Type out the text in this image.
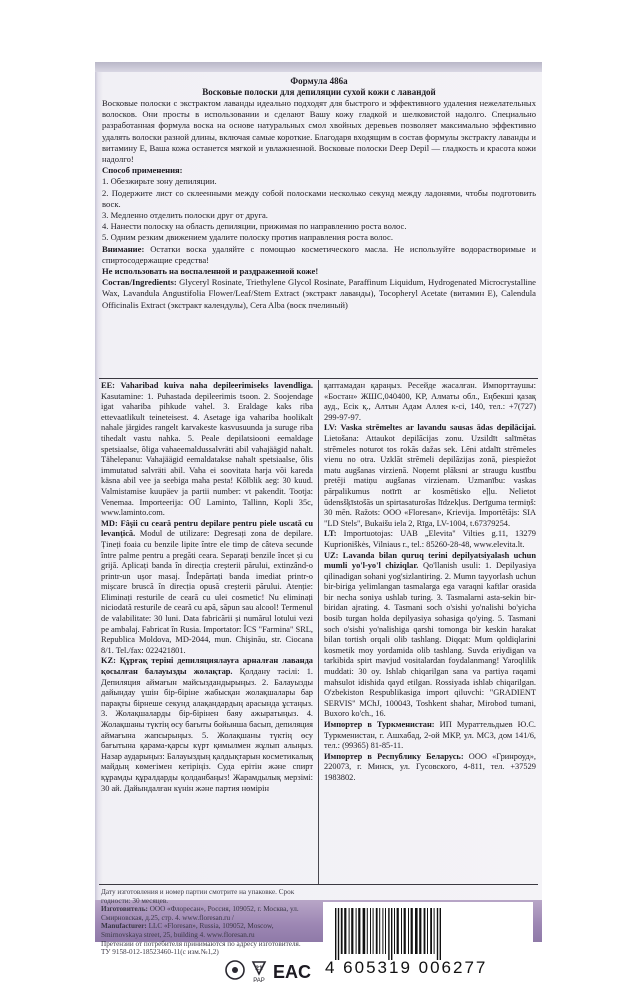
Формула 486а
Восковые полоски для депиляции сухой кожи с лавандой

Восковые полоски с экстрактом лаванды идеально подходят для быстрого и эффективного удаления нежелательных волосков. Они просты в использовании и сделают Вашу кожу гладкой и шелковистой надолго. Специально разработанная формула воска на основе натуральных смол хвойных деревьев позволяет максимально эффективно удалять волоски разной длины, включая самые короткие. Благодаря входящим в состав формулы экстракту лаванды и витамину Е, Ваша кожа останется мягкой и увлажненной. Восковые полоски Deep Depil — гладкость и красота кожи надолго!

Способ применения:

1. Обезжирьте зону депиляции.

2. Подержите лист со склеенными между собой полосками несколько секунд между ладонями, чтобы подготовить воск.

3. Медленно отделить полоски друг от друга.

4. Нанести полоску на область депиляции, прижимая по направлению роста волос.

5. Одним резким движением удалите полоску против направления роста волос.

Внимание: Остатки воска удаляйте с помощью косметического масла. Не используйте водорастворимые и спиртосодержащие средства!

Не использовать на воспаленной и раздраженной коже!

Состав/Ingredients: Glyceryl Rosinate, Triethylene Glycol Rosinate, Paraffinum Liquidum, Hydrogenated Microcrystalline Wax, Lavandula Angustifolia Flower/Leaf/Stem Extract (экстракт лаванды), Tocopheryl Acetate (витамин Е), Calendula Officinalis Extract (экстракт календулы), Cera Alba (воск пчелиный)

EE: Vaharibad kuiva naha depileerimiseks lavendliga. Kasutamine: 1. Puhastada depileerimis tsoon. 2. Soojendage igat vahariba pihkude vahel. 3. Eraldage kaks riba ettevaatlikult teineteisest. 4. Asetage iga vahariba hoolikalt nahale järgides rangelt karvakeste kasvusuunda ja suruge riba tihedalt vastu nahka. 5. Peale depilatsiooni eemaldage spetsiaalse, õliga vahaeemaldussalvräti abil vahajäägid nahalt. Tähelepanu: Vahajäägid eemaldatakse nahalt spetsiaalse, õlis immutatud salvräti abil. Vaha ei soovitata harja või kareda käsna abil vee ja seebiga maha pesta! Kõlblik aeg: 30 kuud. Valmistamise kuupäev ja partii number: vt pakendit. Tootja: Venemaa. Importeerija: OÜ Laminto, Tallinn, Kopli 35c, www.laminto.com.

MD: Fâşii cu ceară pentru depilare pentru piele uscată cu levanțică. Modul de utilizare: Degresați zona de depilare. Țineți foaia cu benzile lipite între ele timp de câteva secunde între palme pentru a pregăti ceara. Separați benzile încet și cu grijă. Aplicați banda în direcția creșterii părului, extinzând-o printr-un ușor masaj. Îndepărtați banda imediat printr-o mișcare bruscă în direcția opusă creșterii părului. Atenție: Eliminați resturile de ceară cu ulei cosmetic! Nu eliminați niciodată resturile de ceară cu apă, săpun sau alcool! Termenul de valabilitate: 30 luni. Data fabricării și numărul lotului vezi pe ambalaj. Fabricat în Rusia. Importator: ÎCS "Farmina" SRL, Republica Moldova, MD-2044, mun. Chişinău, str. Ciocana 8/1. Tel./fax: 022421801.

KZ: Құрғақ терiнi депиляциялауға арналған лаванда қосылған балауызды жолақтар. Қолдану тәсiлi: 1. Депиляция аймағын майсыздандырыңыз. 2. Балауызды дайындау үшiн бiр-бiрiне жабысқан жолақшалары бар парақты бiрнеше секунд алақандардың арасында ұстаңыз. 3. Жолақшаларды бiр-бiрiнен баяу ажыратыңыз. 4. Жолақшаны түктiң өсу бағыты бойынша басып, депиляция аймағына жапсырыңыз. 5. Жолақшаны түктiң өсу бағытына қарама-қарсы күрт қимылмен жұлып алыңыз. Назар аударыңыз: Балауыздың қалдықтарын косметикалық майдың көмегiмен кетiрiңiз. Суда ерiтiн және спирт құрамды құралдарды қолданбаңыз! Жарамдылық мерзiмi: 30 ай. Дайындалған күнiн және партия нөмiрiн

қаптамадан қараңыз. Ресейде жасалған. Импорттаушы: «Бостан» ЖШС,040400, KP, Алматы обл., Еңбекшi қазақ ауд., Есiк қ., Алтын Адам Аллея к-сi, 140, тел.: +7(727) 299-97-97.

LV: Vaska strēmeltes ar lavandu sausas ādas depilācijai. Lietošana: Attaukot depilācijas zonu. Uzsildīt salīmētas strēmeles noturot tos rokās dažas sek. Lēni atdalīt strēmeles vienu no otra. Uzklāt strēmeli depilāzijas zonā, piespiežot matu augšanas virzienā. Noņemt plāksni ar straugu kustību pretēji matiņu augšanas virzienam. Uzmanību: vaskas pārpalikumus notīrīt ar kosmētisko eļļu. Nelietot ūdensšķīstošās un spirtasaturošas līdzekļus. Derīguma termiņš: 30 mēn. Ražots: OOO «Floresan», Krievija. Importētājs: SIA "LD Stels", Bukaišu iela 2, Rīga, LV-1004, t.67379254.

LT: Importuotojas: UAB „Elevita" Vilties g.11, 13279 Kuprioniškės, Vilniaus r., tel.: 85260-28-48, www.elevita.lt.

UZ: Lavanda bilan quruq terini depilyatsiyalash uchun mumli yo'l-yo'l chiziqlar. Qo'llanish usuli: 1. Depilyasiya qilinadigan sohani yog'sizlantiring. 2. Mumn tayyorlash uchun bir-biriga yelimlangan tasmalarga ega varaqni kaftlar orasida bir necha soniya ushlab turing. 3. Tasmalarni asta-sekin bir-biridan ajrating. 4. Tasmani soch o'sishi yo'nalishi bo'yicha bosib turgan holda depilyasiya sohasiga qo'ying. 5. Tasmani soch o'sishi yo'nalishiga qarshi tomonga bir keskin harakat bilan tortish orqali olib tashlang. Diqqat: Mum qoldiqlarini kosmetik moy yordamida olib tashlang. Suvda eriydigan va tarkibida spirt mavjud vositalardan foydalanmang! Yaroqlilik muddati: 30 oy. Ishlab chiqarilgan sana va partiya raqami mahsulot idishida qayd etilgan. Rossiyada ishlab chiqarilgan. O'zbekiston Respublikasiga import qiluvchi: "GRADIENT SERVIS" MChJ, 100043, Toshkent shahar, Mirobod tumani, Buxoro ko'ch., 16.

Импортер в Туркменистан: ИП Мураттельдыев Ю.С. Туркменистан, г. Ашхабад, 2-ой МКР, ул. МСЗ, дом 141/6, тел.: (99365) 81-85-11.

Импортер в Республику Беларусь: ООО «Гринроуд», 220073, г. Минск, ул. Гусовского, 4-811, тел. +37529 1983802.

Дату изготовления и номер партии смотрите на упаковке. Срок годности: 30 месяцев.

Изготовитель: ООО «Флоресан», Россия, 109052, г. Москва, ул. Смирновская, д.25, стр. 4. www.floresan.ru /

Manufacturer: LLC «Floresan», Russia, 109052, Moscow, Smirnovskaya street, 25, building 4. www.floresan.ru

Претензии от потребителя принимаются по адресу изготовителя.

ТУ 9158-012-18523460-11(с изм.№1,2)

21
PAP EAC 4 605319 006277
